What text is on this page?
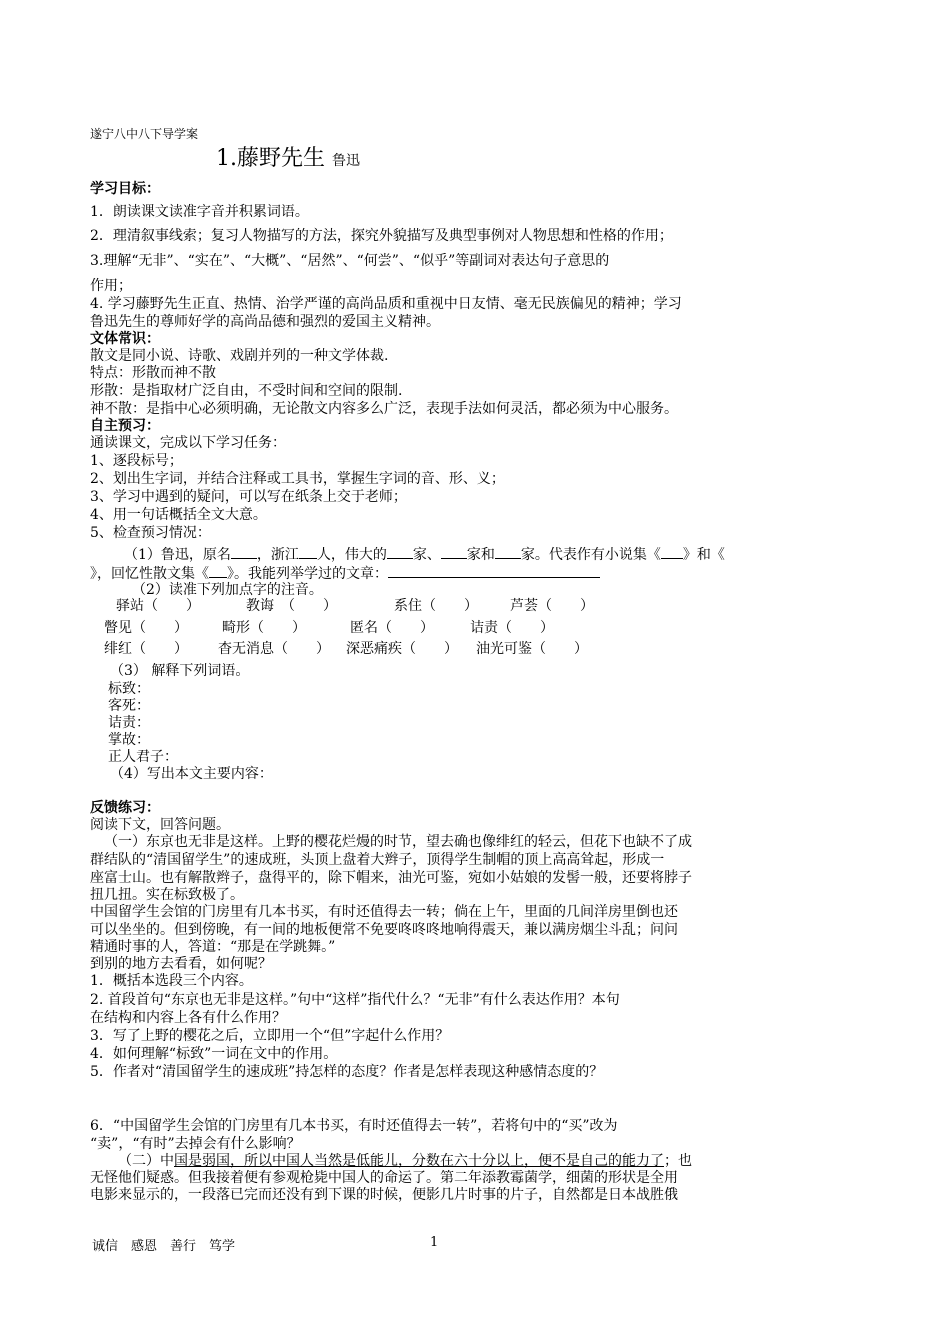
遂宁八中八下导学案
1.藤野先生 鲁迅
学习目标：
1．朗读课文读准字音并积累词语。
2．理清叙事线索；复习人物描写的方法，探究外貌描写及典型事例对人物思想和性格的作用；
3.理解“无非”、“实在”、“大概”、“居然”、“何尝”、“似乎”等副词对表达句子意思的
作用；
4. 学习藤野先生正直、热情、治学严谨的高尚品质和重视中日友情、毫无民族偏见的精神；学习
鲁迅先生的尊师好学的高尚品德和强烈的爱国主义精神。
文体常识：
散文是同小说、诗歌、戏剧并列的一种文学体裁.
特点：形散而神不散
形散：是指取材广泛自由，不受时间和空间的限制.
神不散：是指中心必须明确，无论散文内容多么广泛，表现手法如何灵活，都必须为中心服务。
自主预习：
通读课文，完成以下学习任务：
1、逐段标号；
2、划出生字词，并结合注释或工具书，掌握生字词的音、形、义；
3、学习中遇到的疑问，可以写在纸条上交于老师；
4、用一句话概括全文大意。
5、检查预习情况：
（1）鲁迅，原名 ，浙江 人，伟大的 家、 家和 家。代表作有小说集《 》和《
》，回忆性散文集《 》。我能列举学过的文章：
（2）读准下列加点字的注音。
驿站（　　）	教诲　（　　）	系住（　　） 芦荟（　　）
瞥见（　　） 畸形（　　）	匿名（　　）	诘责（　　）
绯红（　　） 杳无消息（　　） 深恶痛疾（　　） 油光可鉴（　　）
（3） 解释下列词语。
标致：
客死：
诘责：
掌故：
正人君子：
（4）写出本文主要内容：
反馈练习：
阅读下文，回答问题。
（一）东京也无非是这样。上野的樱花烂熳的时节，望去确也像绯红的轻云，但花下也缺不了成
群结队的“清国留学生”的速成班，头顶上盘着大辫子，顶得学生制帽的顶上高高耸起，形成一
座富士山。也有解散辫子，盘得平的，除下帽来，油光可鉴，宛如小姑娘的发髻一般，还要将脖子
扭几扭。实在标致极了。
中国留学生会馆的门房里有几本书买，有时还值得去一转；倘在上午，里面的几间洋房里倒也还
可以坐坐的。但到傍晚，有一间的地板便常不免要咚咚咚地响得震天，兼以满房烟尘斗乱；问问
精通时事的人，答道：“那是在学跳舞。”
到别的地方去看看，如何呢？
1．概括本选段三个内容。
2. 首段首句“东京也无非是这样。”句中“这样”指代什么？“无非”有什么表达作用？本句
在结构和内容上各有什么作用？
3．写了上野的樱花之后，立即用一个“但”字起什么作用？
4．如何理解“标致”一词在文中的作用。
5．作者对“清国留学生的速成班”持怎样的态度？作者是怎样表现这种感情态度的？
6．“中国留学生会馆的门房里有几本书买，有时还值得去一转”，若将句中的“买”改为
“卖”，“有时”去掉会有什么影响？
（二）中国是弱国，所以中国人当然是低能儿，分数在六十分以上，便不是自己的能力了；也
无怪他们疑惑。但我接着便有参观枪毙中国人的命运了。第二年添教霉菌学，细菌的形状是全用
电影来显示的，一段落已完而还没有到下课的时候，便影几片时事的片子，自然都是日本战胜俄
诚信　感恩　善行　笃学	1
